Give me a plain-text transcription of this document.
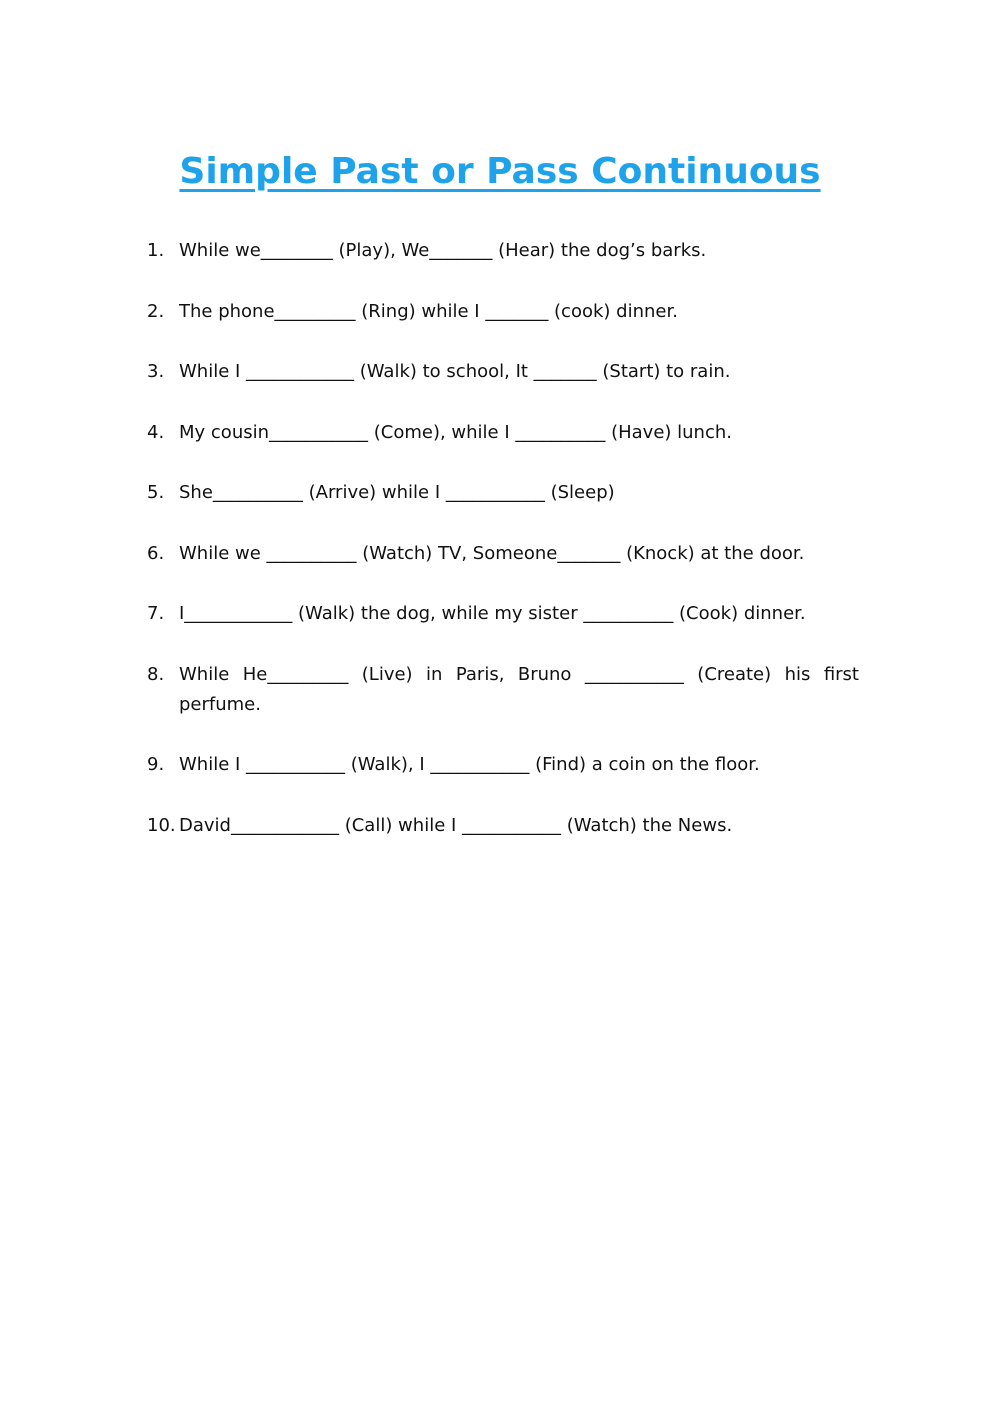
Simple Past or Pass Continuous
1. While we________ (Play), We_______ (Hear) the dog’s barks.
2. The phone_________ (Ring) while I _______ (cook) dinner.
3. While I ____________ (Walk) to school, It _______ (Start) to rain.
4. My cousin___________ (Come), while I __________ (Have) lunch.
5. She__________ (Arrive) while I ___________ (Sleep)
6. While we __________ (Watch) TV, Someone_______ (Knock) at the door.
7. I____________ (Walk) the dog, while my sister __________ (Cook) dinner.
8. While He_________ (Live) in Paris, Bruno ___________ (Create) his first perfume.
9. While I ___________ (Walk), I ___________ (Find) a coin on the floor.
10. David____________ (Call) while I ___________ (Watch) the News.
